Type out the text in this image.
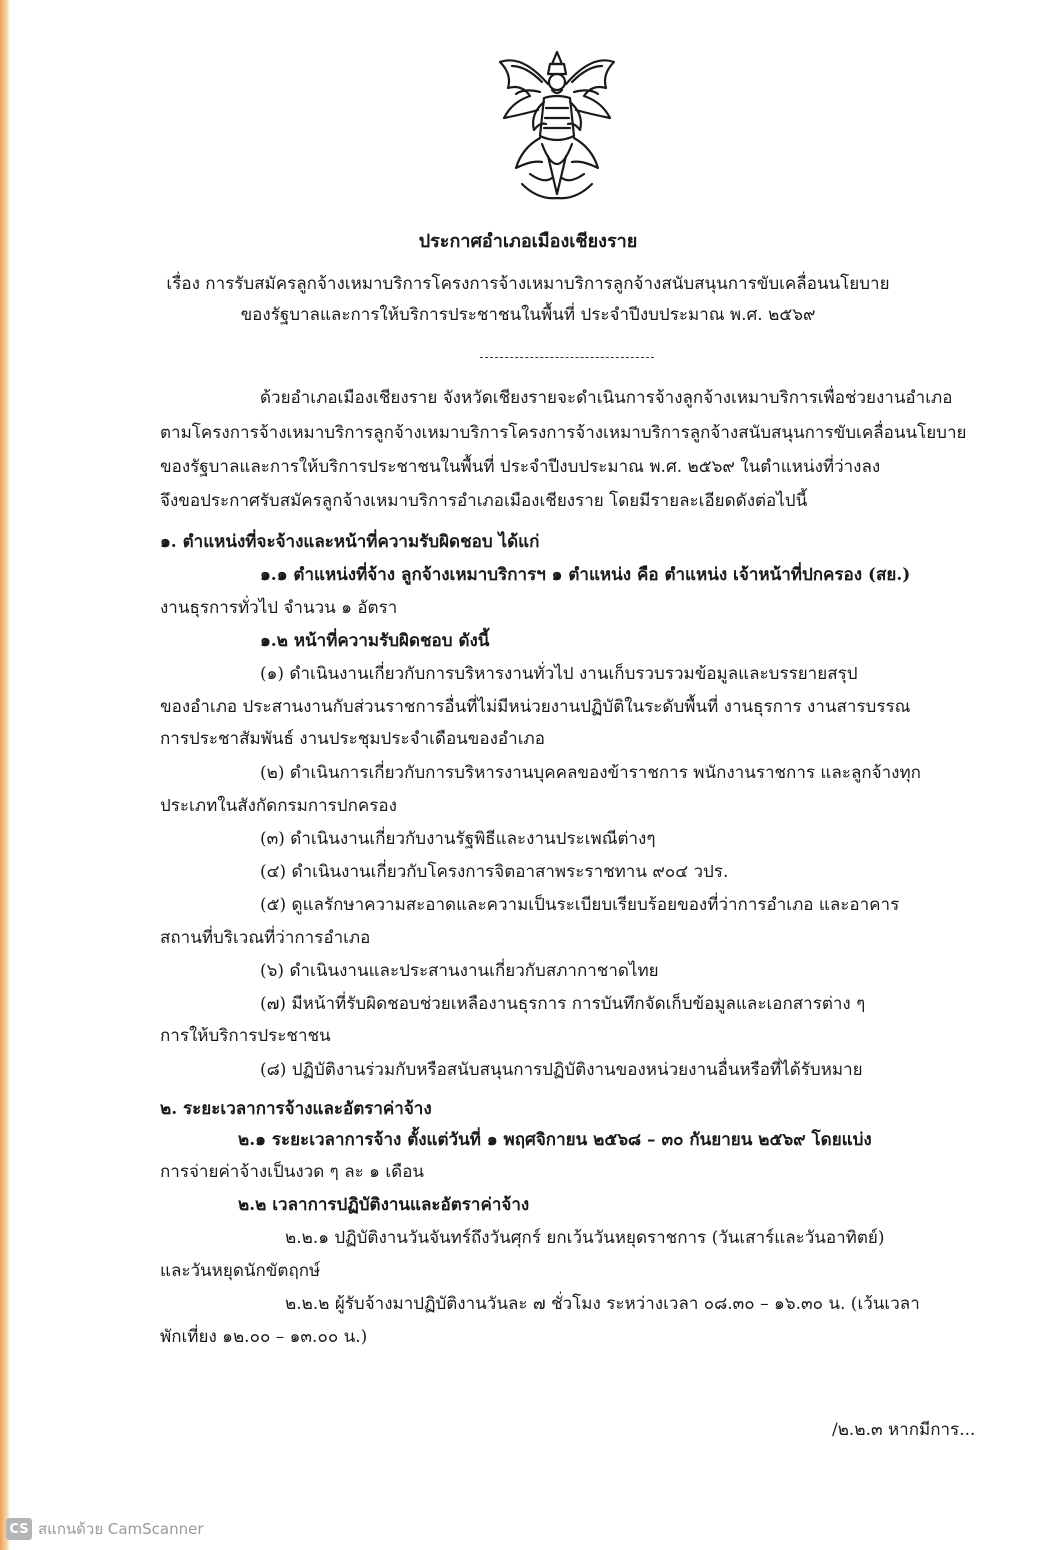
ประกาศอำเภอเมืองเชียงราย
เรื่อง การรับสมัครลูกจ้างเหมาบริการโครงการจ้างเหมาบริการลูกจ้างสนับสนุนการขับเคลื่อนนโยบาย
ของรัฐบาลและการให้บริการประชาชนในพื้นที่ ประจำปีงบประมาณ พ.ศ. ๒๕๖๙
ด้วยอำเภอเมืองเชียงราย จังหวัดเชียงรายจะดำเนินการจ้างลูกจ้างเหมาบริการเพื่อช่วยงานอำเภอ
ตามโครงการจ้างเหมาบริการลูกจ้างเหมาบริการโครงการจ้างเหมาบริการลูกจ้างสนับสนุนการขับเคลื่อนนโยบาย
ของรัฐบาลและการให้บริการประชาชนในพื้นที่ ประจำปีงบประมาณ พ.ศ. ๒๕๖๙ ในตำแหน่งที่ว่างลง
จึงขอประกาศรับสมัครลูกจ้างเหมาบริการอำเภอเมืองเชียงราย โดยมีรายละเอียดดังต่อไปนี้
๑. ตำแหน่งที่จะจ้างและหน้าที่ความรับผิดชอบ ได้แก่
๑.๑ ตำแหน่งที่จ้าง ลูกจ้างเหมาบริการฯ ๑ ตำแหน่ง คือ ตำแหน่ง เจ้าหน้าที่ปกครอง (สย.)
งานธุรการทั่วไป จำนวน ๑ อัตรา
๑.๒ หน้าที่ความรับผิดชอบ ดังนี้
(๑) ดำเนินงานเกี่ยวกับการบริหารงานทั่วไป งานเก็บรวบรวมข้อมูลและบรรยายสรุป
ของอำเภอ ประสานงานกับส่วนราชการอื่นที่ไม่มีหน่วยงานปฏิบัติในระดับพื้นที่ งานธุรการ งานสารบรรณ
การประชาสัมพันธ์ งานประชุมประจำเดือนของอำเภอ
(๒) ดำเนินการเกี่ยวกับการบริหารงานบุคคลของข้าราชการ พนักงานราชการ และลูกจ้างทุก
ประเภทในสังกัดกรมการปกครอง
(๓) ดำเนินงานเกี่ยวกับงานรัฐพิธีและงานประเพณีต่างๆ
(๔) ดำเนินงานเกี่ยวกับโครงการจิตอาสาพระราชทาน ๙๐๔ วปร.
(๕) ดูแลรักษาความสะอาดและความเป็นระเบียบเรียบร้อยของที่ว่าการอำเภอ และอาคาร
สถานที่บริเวณที่ว่าการอำเภอ
(๖) ดำเนินงานและประสานงานเกี่ยวกับสภากาชาดไทย
(๗) มีหน้าที่รับผิดชอบช่วยเหลืองานธุรการ การบันทึกจัดเก็บข้อมูลและเอกสารต่าง ๆ
การให้บริการประชาชน
(๘) ปฏิบัติงานร่วมกับหรือสนับสนุนการปฏิบัติงานของหน่วยงานอื่นหรือที่ได้รับหมาย
๒. ระยะเวลาการจ้างและอัตราค่าจ้าง
๒.๑ ระยะเวลาการจ้าง ตั้งแต่วันที่ ๑ พฤศจิกายน ๒๕๖๘ – ๓๐ กันยายน ๒๕๖๙ โดยแบ่ง
การจ่ายค่าจ้างเป็นงวด ๆ ละ ๑ เดือน
๒.๒ เวลาการปฏิบัติงานและอัตราค่าจ้าง
๒.๒.๑ ปฏิบัติงานวันจันทร์ถึงวันศุกร์ ยกเว้นวันหยุดราชการ (วันเสาร์และวันอาทิตย์)
และวันหยุดนักขัตฤกษ์
๒.๒.๒ ผู้รับจ้างมาปฏิบัติงานวันละ ๗ ชั่วโมง ระหว่างเวลา ๐๘.๓๐ – ๑๖.๓๐ น. (เว้นเวลา
พักเที่ยง ๑๒.๐๐ – ๑๓.๐๐ น.)
/๒.๒.๓ หากมีการ...
CS สแกนด้วย CamScanner
